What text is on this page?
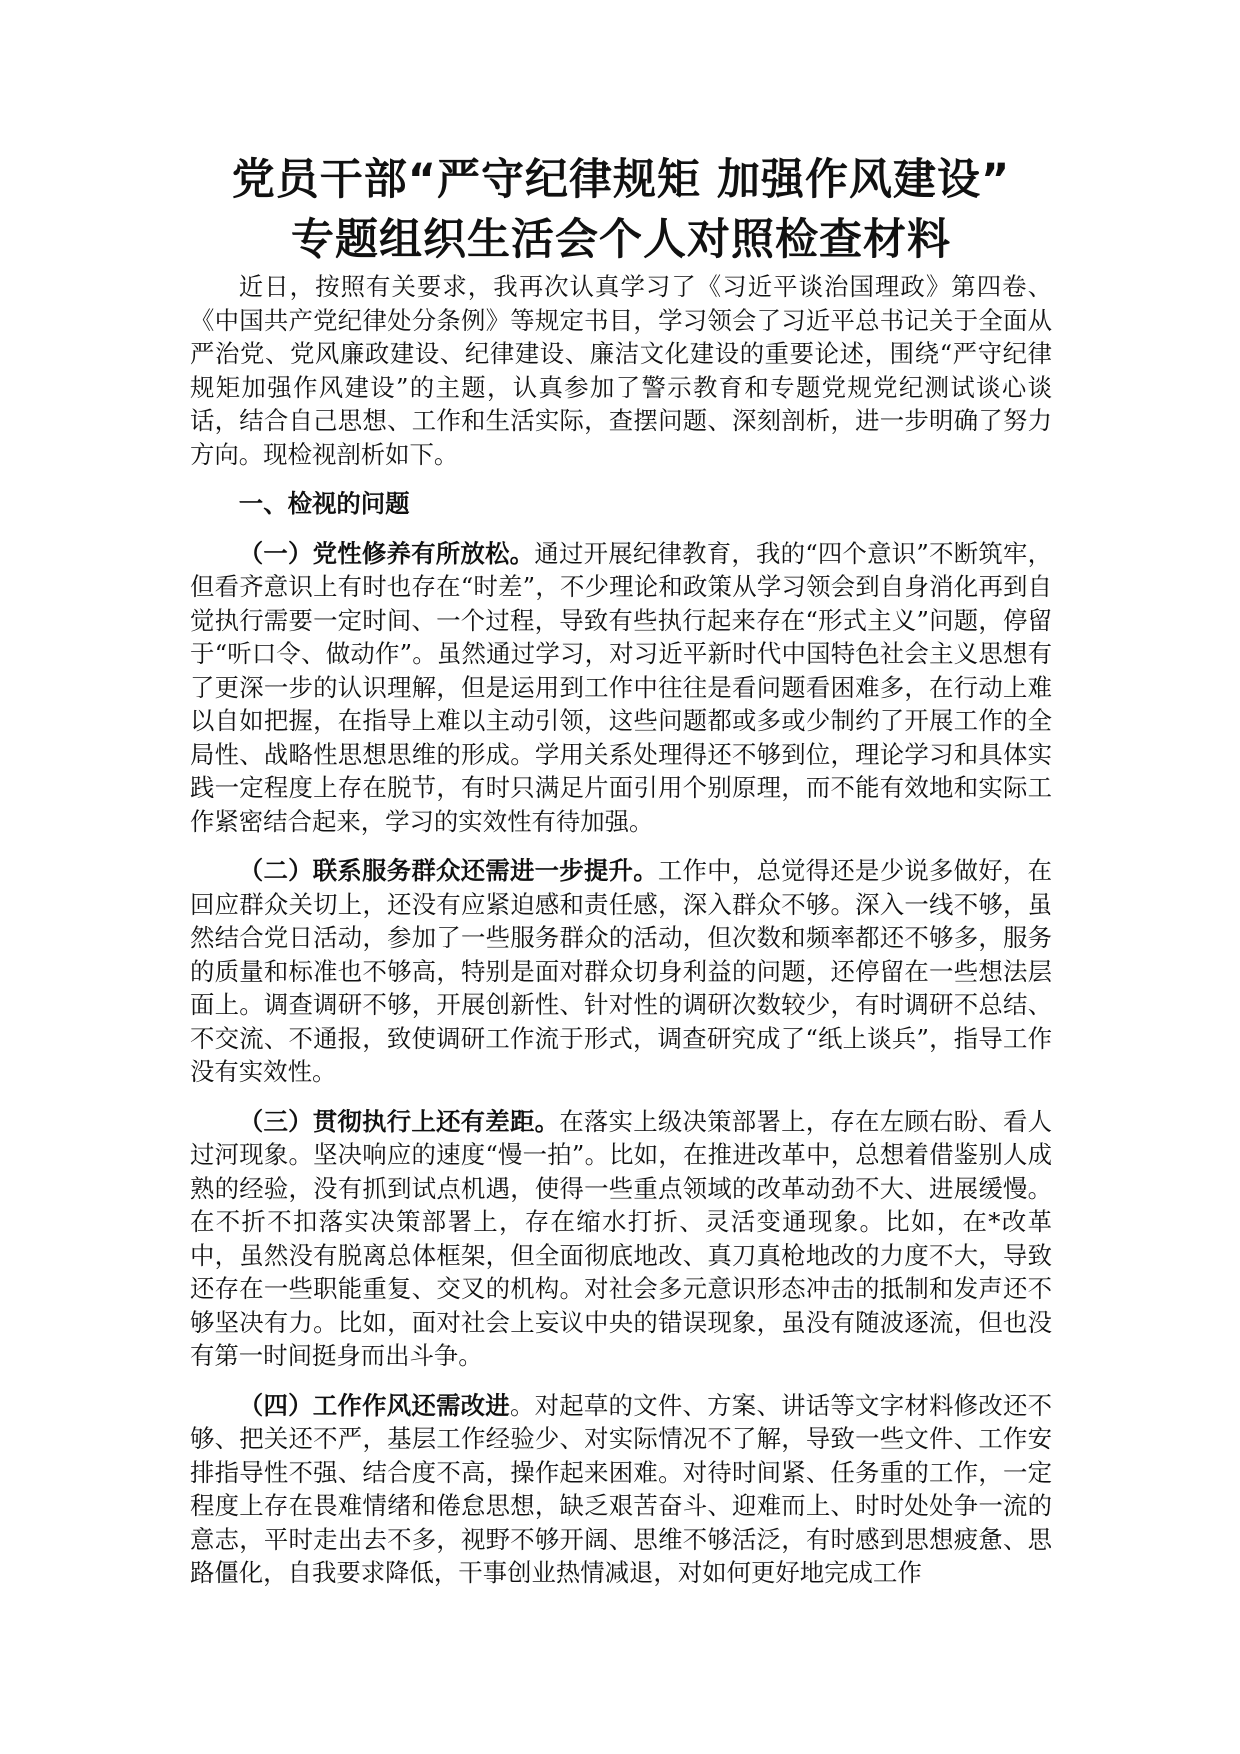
党员干部“严守纪律规矩 加强作风建设”
专题组织生活会个人对照检查材料

近日，按照有关要求，我再次认真学习了《习近平谈治国理政》第四卷、《中国共产党纪律处分条例》等规定书目，学习领会了习近平总书记关于全面从严治党、党风廉政建设、纪律建设、廉洁文化建设的重要论述，围绕“严守纪律规矩加强作风建设”的主题，认真参加了警示教育和专题党规党纪测试谈心谈话，结合自己思想、工作和生活实际，查摆问题、深刻剖析，进一步明确了努力方向。现检视剖析如下。

一、检视的问题

（一）党性修养有所放松。通过开展纪律教育，我的“四个意识”不断筑牢，但看齐意识上有时也存在“时差”，不少理论和政策从学习领会到自身消化再到自觉执行需要一定时间、一个过程，导致有些执行起来存在“形式主义”问题，停留于“听口令、做动作”。虽然通过学习，对习近平新时代中国特色社会主义思想有了更深一步的认识理解，但是运用到工作中往往是看问题看困难多，在行动上难以自如把握，在指导上难以主动引领，这些问题都或多或少制约了开展工作的全局性、战略性思想思维的形成。学用关系处理得还不够到位，理论学习和具体实践一定程度上存在脱节，有时只满足片面引用个别原理，而不能有效地和实际工作紧密结合起来，学习的实效性有待加强。

（二）联系服务群众还需进一步提升。工作中，总觉得还是少说多做好，在回应群众关切上，还没有应紧迫感和责任感，深入群众不够。深入一线不够，虽然结合党日活动，参加了一些服务群众的活动，但次数和频率都还不够多，服务的质量和标准也不够高，特别是面对群众切身利益的问题，还停留在一些想法层面上。调查调研不够，开展创新性、针对性的调研次数较少，有时调研不总结、不交流、不通报，致使调研工作流于形式，调查研究成了“纸上谈兵”，指导工作没有实效性。

（三）贯彻执行上还有差距。在落实上级决策部署上，存在左顾右盼、看人过河现象。坚决响应的速度“慢一拍”。比如，在推进改革中，总想着借鉴别人成熟的经验，没有抓到试点机遇，使得一些重点领域的改革动劲不大、进展缓慢。在不折不扣落实决策部署上，存在缩水打折、灵活变通现象。比如，在*改革中，虽然没有脱离总体框架，但全面彻底地改、真刀真枪地改的力度不大，导致还存在一些职能重复、交叉的机构。对社会多元意识形态冲击的抵制和发声还不够坚决有力。比如，面对社会上妄议中央的错误现象，虽没有随波逐流，但也没有第一时间挺身而出斗争。

（四）工作作风还需改进。对起草的文件、方案、讲话等文字材料修改还不够、把关还不严，基层工作经验少、对实际情况不了解，导致一些文件、工作安排指导性不强、结合度不高，操作起来困难。对待时间紧、任务重的工作，一定程度上存在畏难情绪和倦怠思想，缺乏艰苦奋斗、迎难而上、时时处处争一流的意志，平时走出去不多，视野不够开阔、思维不够活泛，有时感到思想疲惫、思路僵化，自我要求降低，干事创业热情减退，对如何更好地完成工作
